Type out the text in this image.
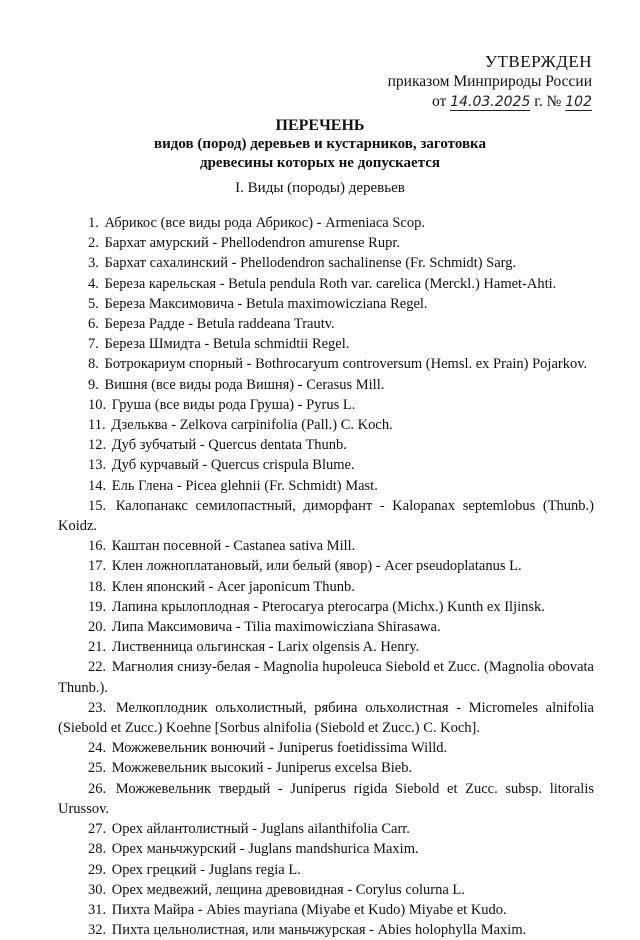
УТВЕРЖДЕН
приказом Минприроды России
от 14.03.2025 г. № 102
ПЕРЕЧЕНЬ
видов (пород) деревьев и кустарников, заготовка древесины которых не допускается
I. Виды (породы) деревьев
1. Абрикос (все виды рода Абрикос) - Armeniaca Scop.
2. Бархат амурский - Phellodendron amurense Rupr.
3. Бархат сахалинский - Phellodendron sachalinense (Fr. Schmidt) Sarg.
4. Береза карельская - Betula pendula Roth var. carelica (Merckl.) Hamet-Ahti.
5. Береза Максимовича - Betula maximowicziana Regel.
6. Береза Радде - Betula raddeana Trautv.
7. Береза Шмидта - Betula schmidtii Regel.
8. Ботрокариум спорный - Bothrocaryum controversum (Hemsl. ex Prain) Pojarkov.
9. Вишня (все виды рода Вишня) - Cerasus Mill.
10. Груша (все виды рода Груша) - Pyrus L.
11. Дзельква - Zelkova carpinifolia (Pall.) C. Koch.
12. Дуб зубчатый - Quercus dentata Thunb.
13. Дуб курчавый - Quercus crispula Blume.
14. Ель Глена - Picea glehnii (Fr. Schmidt) Mast.
15. Калопанакс семилопастный, диморфант - Kalopanax septemlobus (Thunb.) Koidz.
16. Каштан посевной - Castanea sativa Mill.
17. Клен ложноплатановый, или белый (явор) - Acer pseudoplatanus L.
18. Клен японский - Acer japonicum Thunb.
19. Лапина крылоплодная - Pterocarya pterocarpa (Michx.) Kunth ex Iljinsk.
20. Липа Максимовича - Tilia maximowicziana Shirasawa.
21. Лиственница ольгинская - Larix olgensis A. Henry.
22. Магнолия снизу-белая - Magnolia hupoleuca Siebold et Zucc. (Magnolia obovata Thunb.).
23. Мелкоплодник ольхолистный, рябина ольхолистная - Micromeles alnifolia (Siebold et Zucc.) Koehne [Sorbus alnifolia (Siebold et Zucc.) C. Koch].
24. Можжевельник вонючий - Juniperus foetidissima Willd.
25. Можжевельник высокий - Juniperus excelsa Bieb.
26. Можжевельник твердый - Juniperus rigida Siebold et Zucc. subsp. litoralis Urussov.
27. Орех айлантолистный - Juglans ailanthifolia Carr.
28. Орех маньчжурский - Juglans mandshurica Maxim.
29. Орех грецкий - Juglans regia L.
30. Орех медвежий, лещина древовидная - Corylus colurna L.
31. Пихта Майра - Abies mayriana (Miyabe et Kudo) Miyabe et Kudo.
32. Пихта цельнолистная, или маньчжурская - Abies holophylla Maxim.
